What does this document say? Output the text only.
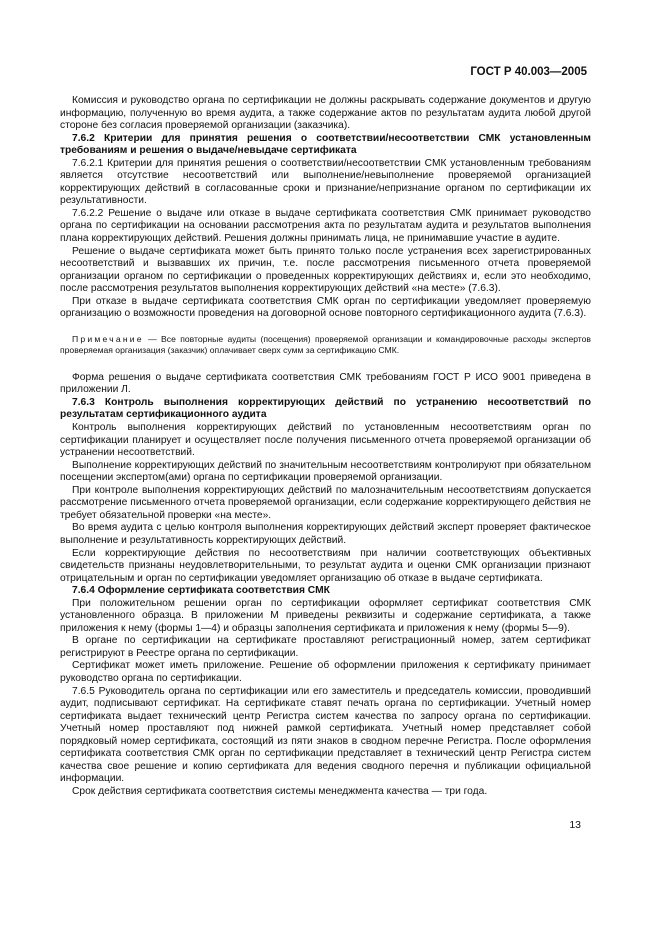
ГОСТ Р 40.003—2005

Комиссия и руководство органа по сертификации не должны раскрывать содержание документов и другую информацию, полученную во время аудита, а также содержание актов по результатам аудита любой другой стороне без согласия проверяемой организации (заказчика).

7.6.2 Критерии для принятия решения о соответствии/несоответствии СМК установленным требованиям и решения о выдаче/невыдаче сертификата

7.6.2.1 Критерии для принятия решения о соответствии/несоответствии СМК установленным требованиям является отсутствие несоответствий или выполнение/невыполнение проверяемой организацией корректирующих действий в согласованные сроки и признание/непризнание органом по сертификации их результативности.

7.6.2.2 Решение о выдаче или отказе в выдаче сертификата соответствия СМК принимает руководство органа по сертификации на основании рассмотрения акта по результатам аудита и результатов выполнения плана корректирующих действий. Решения должны принимать лица, не принимавшие участие в аудите.

Решение о выдаче сертификата может быть принято только после устранения всех зарегистрированных несоответствий и вызвавших их причин, т.е. после рассмотрения письменного отчета проверяемой организации органом по сертификации о проведенных корректирующих действиях и, если это необходимо, после рассмотрения результатов выполнения корректирующих действий «на месте» (7.6.3).

При отказе в выдаче сертификата соответствия СМК орган по сертификации уведомляет проверяемую организацию о возможности проведения на договорной основе повторного сертификационного аудита (7.6.3).

Примечание — Все повторные аудиты (посещения) проверяемой организации и командировочные расходы экспертов проверяемая организация (заказчик) оплачивает сверх сумм за сертификацию СМК.

Форма решения о выдаче сертификата соответствия СМК требованиям ГОСТ Р ИСО 9001 приведена в приложении Л.

7.6.3 Контроль выполнения корректирующих действий по устранению несоответствий по результатам сертификационного аудита

Контроль выполнения корректирующих действий по установленным несоответствиям орган по сертификации планирует и осуществляет после получения письменного отчета проверяемой организации об устранении несоответствий.

Выполнение корректирующих действий по значительным несоответствиям контролируют при обязательном посещении экспертом(ами) органа по сертификации проверяемой организации.

При контроле выполнения корректирующих действий по малозначительным несоответствиям допускается рассмотрение письменного отчета проверяемой организации, если содержание корректирующего действия не требует обязательной проверки «на месте».

Во время аудита с целью контроля выполнения корректирующих действий эксперт проверяет фактическое выполнение и результативность корректирующих действий.

Если корректирующие действия по несоответствиям при наличии соответствующих объективных свидетельств признаны неудовлетворительными, то результат аудита и оценки СМК организации признают отрицательным и орган по сертификации уведомляет организацию об отказе в выдаче сертификата.

7.6.4 Оформление сертификата соответствия СМК

При положительном решении орган по сертификации оформляет сертификат соответствия СМК установленного образца. В приложении М приведены реквизиты и содержание сертификата, а также приложения к нему (формы 1—4) и образцы заполнения сертификата и приложения к нему (формы 5—9).

В органе по сертификации на сертификате проставляют регистрационный номер, затем сертификат регистрируют в Реестре органа по сертификации.

Сертификат может иметь приложение. Решение об оформлении приложения к сертификату принимает руководство органа по сертификации.

7.6.5 Руководитель органа по сертификации или его заместитель и председатель комиссии, проводивший аудит, подписывают сертификат. На сертификате ставят печать органа по сертификации. Учетный номер сертификата выдает технический центр Регистра систем качества по запросу органа по сертификации. Учетный номер проставляют под нижней рамкой сертификата. Учетный номер представляет собой порядковый номер сертификата, состоящий из пяти знаков в сводном перечне Регистра. После оформления сертификата соответствия СМК орган по сертификации представляет в технический центр Регистра систем качества свое решение и копию сертификата для ведения сводного перечня и публикации официальной информации.

Срок действия сертификата соответствия системы менеджмента качества — три года.

13
